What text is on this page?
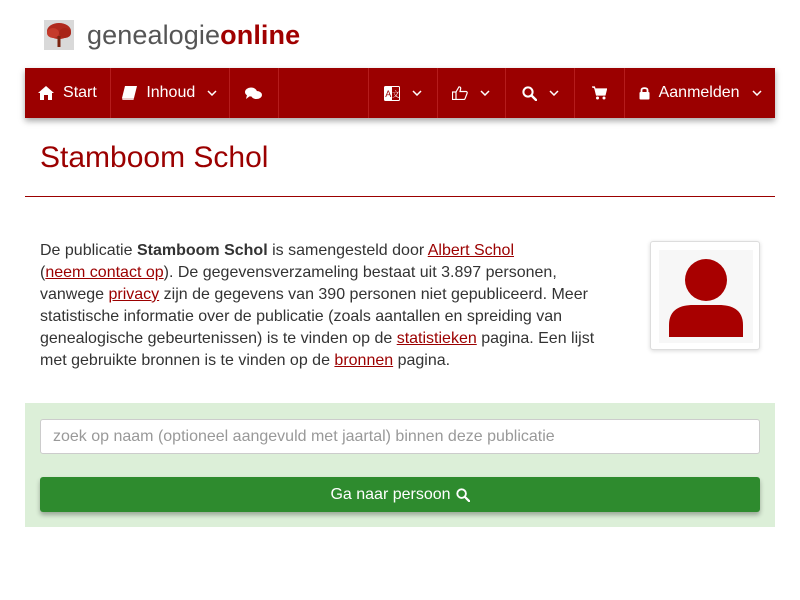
genealogieonline
Start	Inhoud	A 文	Aanmelden
Stamboom Schol

De publicatie Stamboom Schol is samengesteld door Albert Schol
(neem contact op). De gegevensverzameling bestaat uit 3.897 personen, vanwege privacy zijn de gegevens van 390 personen niet gepubliceerd. Meer statistische informatie over de publicatie (zoals aantallen en spreiding van genealogische gebeurtenissen) is te vinden op de statistieken pagina. Een lijst met gebruikte bronnen is te vinden op de bronnen pagina.

zoek op naam (optioneel aangevuld met jaartal) binnen deze publicatie
Ga naar persoon
